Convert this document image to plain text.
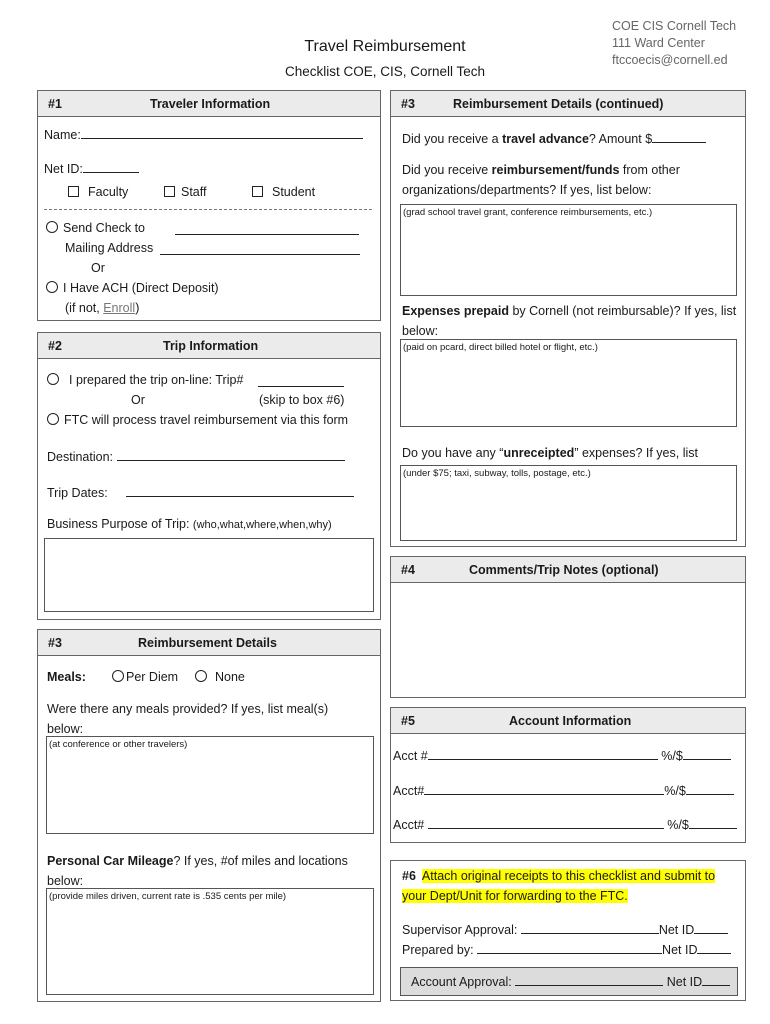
Travel Reimbursement
Checklist COE, CIS, Cornell Tech
COE CIS Cornell Tech
111 Ward Center
ftccoecis@cornell.ed
#1	Traveler Information
Name:
Net ID:
Faculty	Staff	Student
Send Check to
Mailing Address
Or
I Have ACH (Direct Deposit)
(if not, Enroll)
#2	Trip Information
I prepared the trip on-line: Trip#
Or	(skip to box #6)
FTC will process travel reimbursement via this form
Destination:
Trip Dates:
Business Purpose of Trip: (who,what,where,when,why)
#3	Reimbursement Details
Meals:	Per Diem	None
Were there any meals provided? If yes, list meal(s)
below:
(at conference or other travelers)
Personal Car Mileage? If yes, #of miles and locations
below:
(provide miles driven, current rate is .535 cents per mile)
#3	Reimbursement Details (continued)
Did you receive a travel advance? Amount $
Did you receive reimbursement/funds from other
organizations/departments? If yes, list below:
(grad school travel grant, conference reimbursements, etc.)
Expenses prepaid by Cornell (not reimbursable)? If yes, list
below:
(paid on pcard, direct billed hotel or flight, etc.)
Do you have any “unreceipted” expenses? If yes, list
(under $75; taxi, subway, tolls, postage, etc.)
#4	Comments/Trip Notes (optional)
#5	Account Information
Acct #	%/$
Acct#	%/$
Acct#	%/$
#6 Attach original receipts to this checklist and submit to
your Dept/Unit for forwarding to the FTC.
Supervisor Approval:	Net ID
Prepared by:	Net ID
Account Approval:	Net ID
